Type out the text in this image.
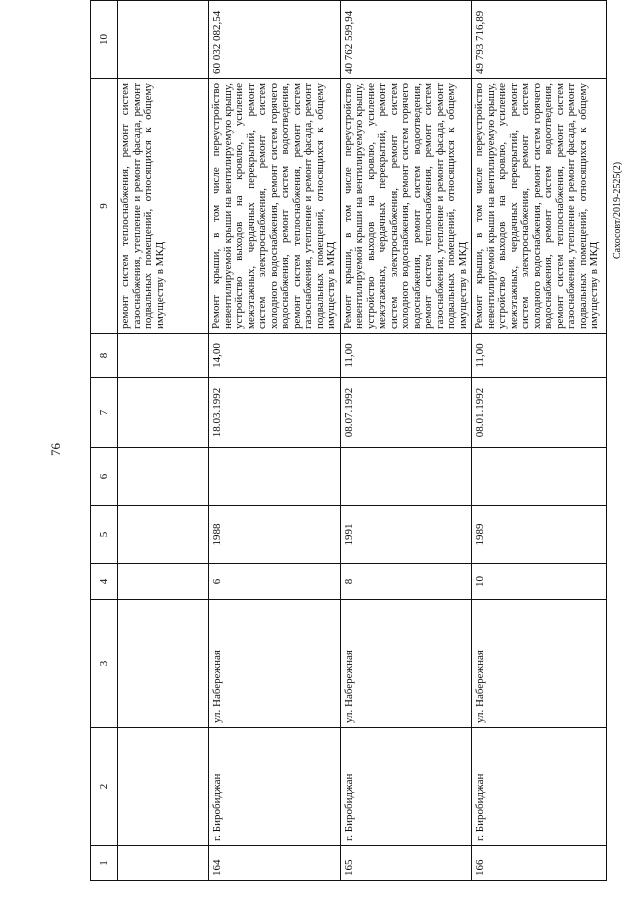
76
1	2	3	4	5	6	7	8	9	10
								ремонт систем теплоснабжения, ремонт систем газоснабжения, утепление и ремонт фасада, ремонт подвальных помещений, относящихся к общему имуществу в МКД	
164	г. Биробиджан	ул. Набережная	6	1988		18.03.1992	14,00	Ремонт крыши, в том числе переустройство невентилируемой крыши на вентилируемую крышу, устройство выходов на кровлю, усиление межэтажных, чердачных перекрытий, ремонт систем электроснабжения, ремонт систем холодного водоснабжения, ремонт систем горячего водоснабжения, ремонт систем водоотведения, ремонт систем теплоснабжения, ремонт систем газоснабжения, утепление и ремонт фасада, ремонт подвальных помещений, относящихся к общему имуществу в МКД	60 032 082,54
165	г. Биробиджан	ул. Набережная	8	1991		08.07.1992	11,00	Ремонт крыши, в том числе переустройство невентилируемой крыши на вентилируемую крышу, устройство выходов на кровлю, усиление межэтажных, чердачных перекрытий, ремонт систем электроснабжения, ремонт систем холодного водоснабжения, ремонт систем горячего водоснабжения, ремонт систем водоотведения, ремонт систем теплоснабжения, ремонт систем газоснабжения, утепление и ремонт фасада, ремонт подвальных помещений, относящихся к общему имуществу в МКД	40 762 599,94
166	г. Биробиджан	ул. Набережная	10	1989		08.01.1992	11,00	Ремонт крыши, в том числе переустройство невентилируемой крыши на вентилируемую крышу, устройство выходов на кровлю, усиление межэтажных, чердачных перекрытий, ремонт систем электроснабжения, ремонт систем холодного водоснабжения, ремонт систем горячего водоснабжения, ремонт систем водоотведения, ремонт систем теплоснабжения, ремонт систем газоснабжения, утепление и ремонт фасада, ремонт подвальных помещений, относящихся к общему имуществу в МКД	49 793 716,89
Сахосовт/2019-2525(2)
